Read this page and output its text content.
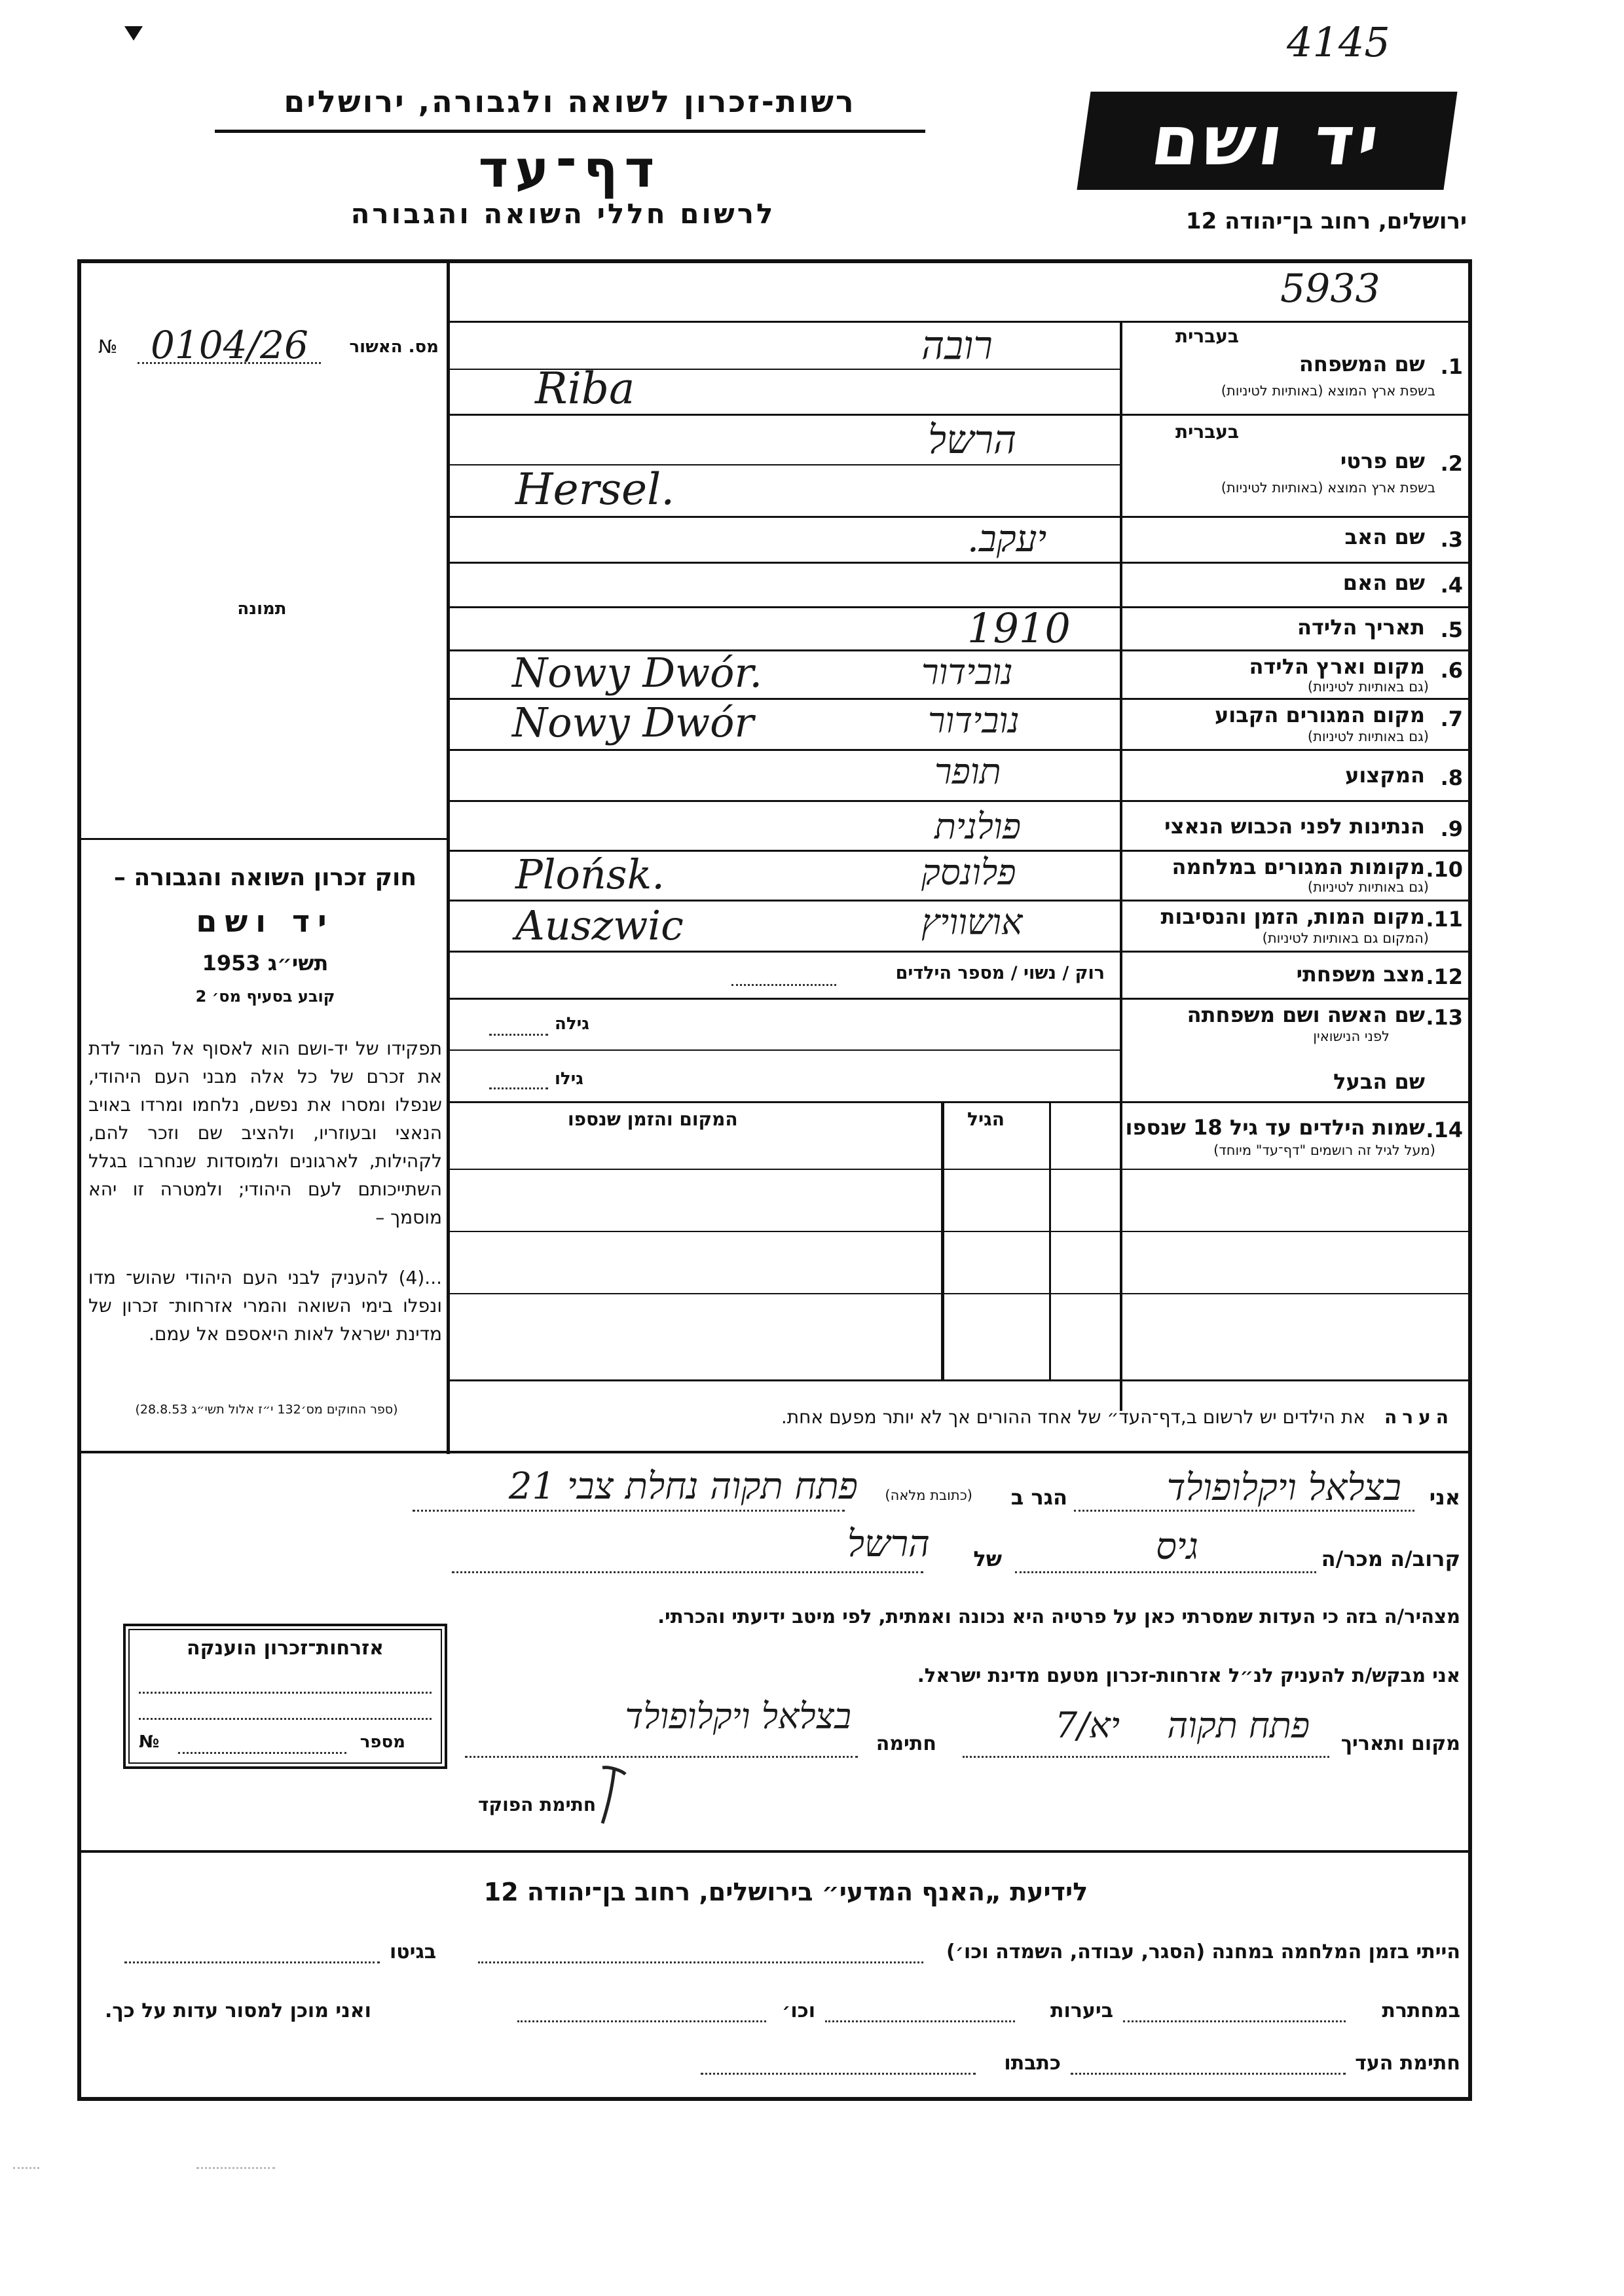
4145
רשות-זכרון לשואה ולגבורה, ירושלים
דף־עד
לרשום חללי השואה והגבורה
יד ושם
ירושלים, רחוב בן־יהודה 12
5933
№ 0104/26 מס. האשור
תמונה
חוק זכרון השואה והגבורה –
יד ושם
תשי״ג 1953
קובע בסעיף מס׳ 2
תפקידו של יד-ושם הוא לאסוף אל המו־ לדת את זכרם של כל אלה מבני העם היהודי, שנפלו ומסרו את נפשם, נלחמו ומרדו באויב הנאצי ובעוזריו, ולהציב שם וזכר להם, לקהילות, לארגונים ולמוסדות שנחרבו בגלל השתייכותם לעם היהודי; ולמטרה זו יהא מוסמך –
...(4) להעניק לבני העם היהודי שהוש־ מדו ונפלו בימי השואה והמרי אזרחות־ זכרון של מדינת ישראל לאות היאספם אל עמם.
(ספר החוקים מס׳132 י״ז אלול תשי״ג 28.8.53)
1.
שם המשפחה
בעברית
בשפת ארץ המוצא (באותיות לטיניות)
רובה
Riba
2.
שם פרטי
בעברית
בשפת ארץ המוצא (באותיות לטיניות)
הרשל
Hersel.
3.
שם האב
יעקב.
4.
שם האם
5.
תאריך הלידה
1910
6.
מקום וארץ הלידה
(גם באותיות לטיניות)
נובידור
Nowy Dwór.
7.
מקום המגורים הקבוע
(גם באותיות לטיניות)
נובידור
Nowy Dwór
8.
המקצוע
תופר
9.
הנתינות לפני הכבוש הנאצי
פולנית
10.
מקומות המגורים במלחמה
(גם באותיות לטיניות)
פלונסק
Plońsk.
11.
מקום המות, הזמן והנסיבות
(המקום גם באותיות לטיניות)
אושוויץ
Auszwic
12.
מצב משפחתי
רוק / נשוי / מספר הילדים
13.
שם האשה ושם משפחתה
לפני הנישואין
גילה
שם הבעל
גילו
14.
שמות הילדים עד גיל 18 שנספו
(מעל לגיל זה רושמים "דף־עד" מיוחד)
הגיל
המקום והזמן שנספו
הערה את הילדים יש לרשום ב,דף־העד״ של אחד ההורים אך לא יותר מפעם אחת.
אני
בצלאל ויקלופולד
הגר ב
(כתובת מלאה)
פתח תקוה נחלת צבי 21
קרוב/ה מכר/ה
גיס
של
הרשל
מצהיר/ה בזה כי העדות שמסרתי כאן על פרטיה היא נכונה ואמתית, לפי מיטב ידיעתי והכרתי.
אני מבקש/ת להעניק לנ״ל אזרחות-זכרון מטעם מדינת ישראל.
מקום ותאריך
פתח תקוה
יא/7
חתימה
בצלאל ויקלופולד
חתימת הפוקד
אזרחות־זכרון הוענקה
№	מספר
לידיעת „האנף המדעי״ בירושלים, רחוב בן־יהודה 12
הייתי בזמן המלחמה במחנה (הסגר, עבודה, השמדה וכו׳)
בגיטו
במחתרת
ביערות
וכו׳
ואני מוכן למסור עדות על כך.
חתימת העד
כתבתו
